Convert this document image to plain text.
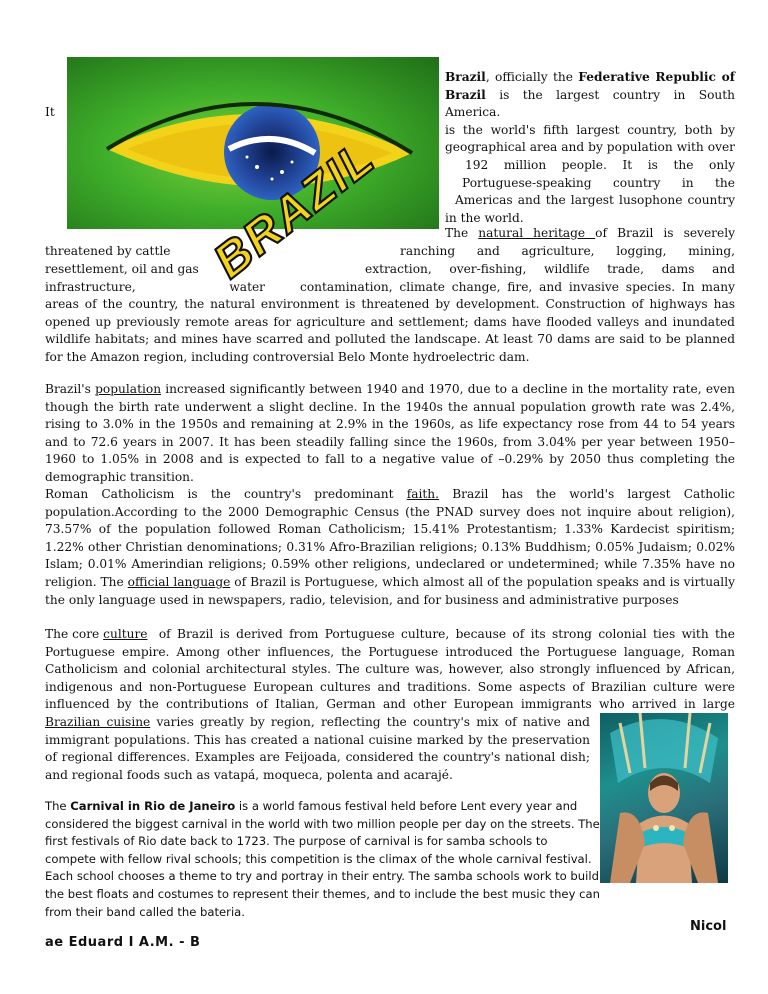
BRAZIL
It
Brazil, officially the Federative Republic of
Brazil is the largest country in South America.
is the world's fifth largest country, both by
geographical area and by population with over
192 million people. It is the only
Portuguese-speaking country in the
Americas and the largest lusophone country
in the world.
The natural heritage of Brazil is severely
threatened by cattle	ranching and agriculture, logging, mining,
resettlement, oil and gas	extraction, over-fishing, wildlife trade, dams and
infrastructure, water	contamination, climate change, fire, and invasive species. In many
areas of the country, the natural environment is threatened by development. Construction of highways has opened up previously remote areas for agriculture and settlement; dams have flooded valleys and inundated wildlife habitats; and mines have scarred and polluted the landscape. At least 70 dams are said to be planned for the Amazon region, including controversial Belo Monte hydroelectric dam.
Brazil's population increased significantly between 1940 and 1970, due to a decline in the mortality rate, even though the birth rate underwent a slight decline. In the 1940s the annual population growth rate was 2.4%, rising to 3.0% in the 1950s and remaining at 2.9% in the 1960s, as life expectancy rose from 44 to 54 years and to 72.6 years in 2007. It has been steadily falling since the 1960s, from 3.04% per year between 1950–1960 to 1.05% in 2008 and is expected to fall to a negative value of –0.29% by 2050 thus completing the demographic transition.
Roman Catholicism is the country's predominant faith. Brazil has the world's largest Catholic population.According to the 2000 Demographic Census (the PNAD survey does not inquire about religion), 73.57% of the population followed Roman Catholicism; 15.41% Protestantism; 1.33% Kardecist spiritism; 1.22% other Christian denominations; 0.31% Afro-Brazilian religions; 0.13% Buddhism; 0.05% Judaism; 0.02% Islam; 0.01% Amerindian religions; 0.59% other religions, undeclared or undetermined; while 7.35% have no religion. The official language of Brazil is Portuguese, which almost all of the population speaks and is virtually the only language used in newspapers, radio, television, and for business and administrative purposes
The core culture of Brazil is derived from Portuguese culture, because of its strong colonial ties with the Portuguese empire. Among other influences, the Portuguese introduced the Portuguese language, Roman Catholicism and colonial architectural styles. The culture was, however, also strongly influenced by African, indigenous and non-Portuguese European cultures and traditions. Some aspects of Brazilian culture were influenced by the contributions of Italian, German and other European immigrants who arrived in large
Brazilian cuisine varies greatly by region, reflecting the country's mix of native and immigrant populations. This has created a national cuisine marked by the preservation of regional differences. Examples are Feijoada, considered the country's national dish; and regional foods such as vatapá, moqueca, polenta and acarajé.
The Carnival in Rio de Janeiro is a world famous festival held before Lent every year and considered the biggest carnival in the world with two million people per day on the streets. The first festivals of Rio date back to 1723. The purpose of carnival is for samba schools to compete with fellow rival schools; this competition is the climax of the whole carnival festival. Each school chooses a theme to try and portray in their entry. The samba schools work to build the best floats and costumes to represent their themes, and to include the best music they can from their band called the bateria.
Nicol
ae Eduard I A.M. - B
